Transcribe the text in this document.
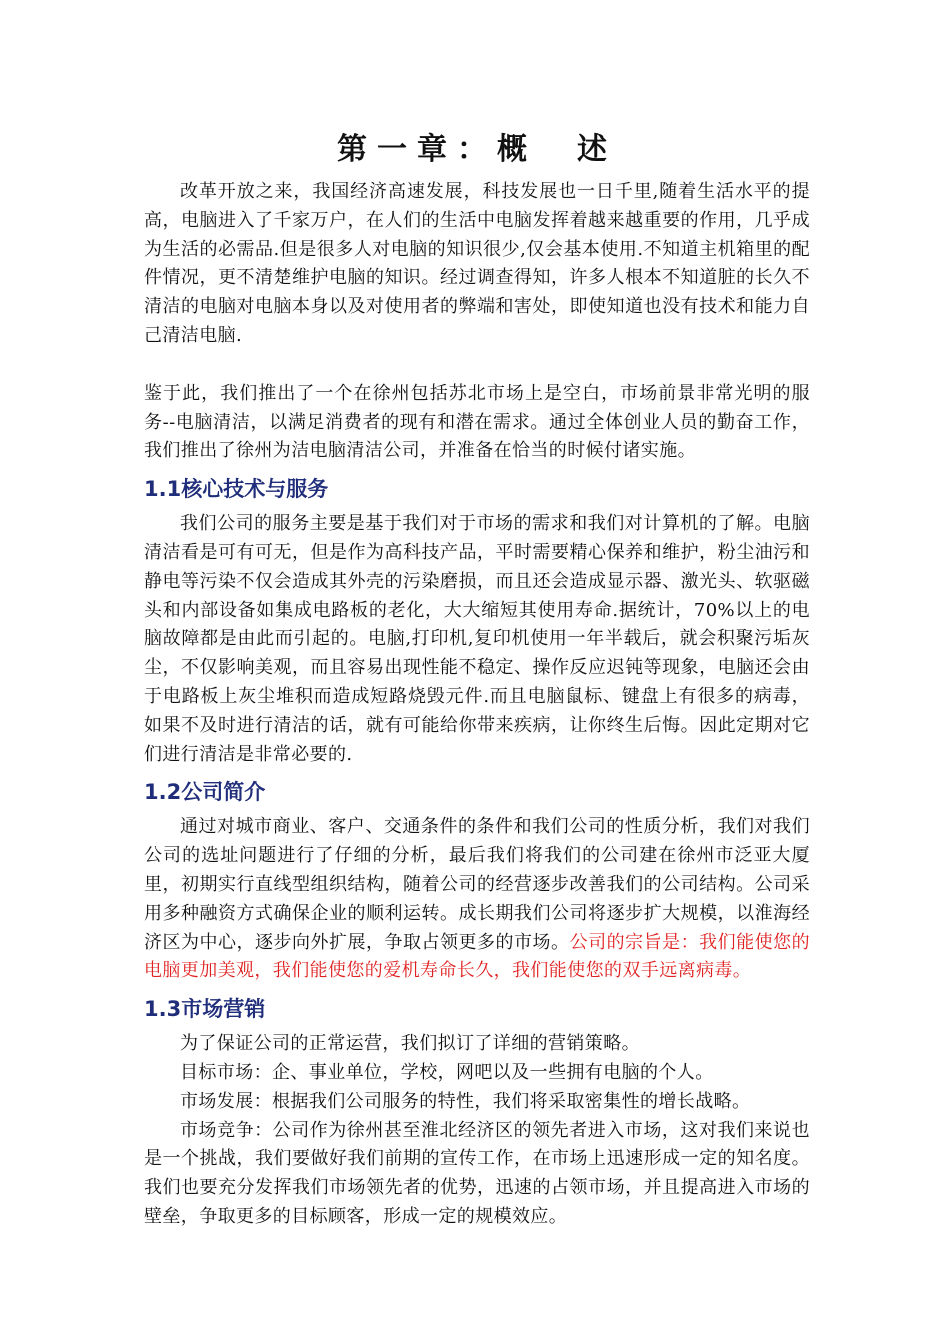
第一章：概　述

改革开放之来，我国经济高速发展，科技发展也一日千里,随着生活水平的提高，电脑进入了千家万户，在人们的生活中电脑发挥着越来越重要的作用，几乎成为生活的必需品.但是很多人对电脑的知识很少,仅会基本使用.不知道主机箱里的配件情况，更不清楚维护电脑的知识。经过调查得知，许多人根本不知道脏的长久不清洁的电脑对电脑本身以及对使用者的弊端和害处，即使知道也没有技术和能力自己清洁电脑.

鉴于此，我们推出了一个在徐州包括苏北市场上是空白，市场前景非常光明的服务--电脑清洁，以满足消费者的现有和潜在需求。通过全体创业人员的勤奋工作，我们推出了徐州为洁电脑清洁公司，并准备在恰当的时候付诸实施。

1.1核心技术与服务

我们公司的服务主要是基于我们对于市场的需求和我们对计算机的了解。电脑清洁看是可有可无，但是作为高科技产品，平时需要精心保养和维护，粉尘油污和静电等污染不仅会造成其外壳的污染磨损，而且还会造成显示器、激光头、软驱磁头和内部设备如集成电路板的老化，大大缩短其使用寿命.据统计，70%以上的电脑故障都是由此而引起的。电脑,打印机,复印机使用一年半载后，就会积聚污垢灰尘，不仅影响美观，而且容易出现性能不稳定、操作反应迟钝等现象，电脑还会由于电路板上灰尘堆积而造成短路烧毁元件.而且电脑鼠标、键盘上有很多的病毒，如果不及时进行清洁的话，就有可能给你带来疾病，让你终生后悔。因此定期对它们进行清洁是非常必要的.

1.2公司简介

通过对城市商业、客户、交通条件的条件和我们公司的性质分析，我们对我们公司的选址问题进行了仔细的分析，最后我们将我们的公司建在徐州市泛亚大厦里，初期实行直线型组织结构，随着公司的经营逐步改善我们的公司结构。公司采用多种融资方式确保企业的顺利运转。成长期我们公司将逐步扩大规模，以淮海经济区为中心，逐步向外扩展，争取占领更多的市场。公司的宗旨是：我们能使您的电脑更加美观，我们能使您的爱机寿命长久，我们能使您的双手远离病毒。

1.3市场营销

为了保证公司的正常运营，我们拟订了详细的营销策略。

目标市场：企、事业单位，学校，网吧以及一些拥有电脑的个人。

市场发展：根据我们公司服务的特性，我们将采取密集性的增长战略。

市场竞争：公司作为徐州甚至淮北经济区的领先者进入市场，这对我们来说也是一个挑战，我们要做好我们前期的宣传工作，在市场上迅速形成一定的知名度。我们也要充分发挥我们市场领先者的优势，迅速的占领市场，并且提高进入市场的壁垒，争取更多的目标顾客，形成一定的规模效应。
